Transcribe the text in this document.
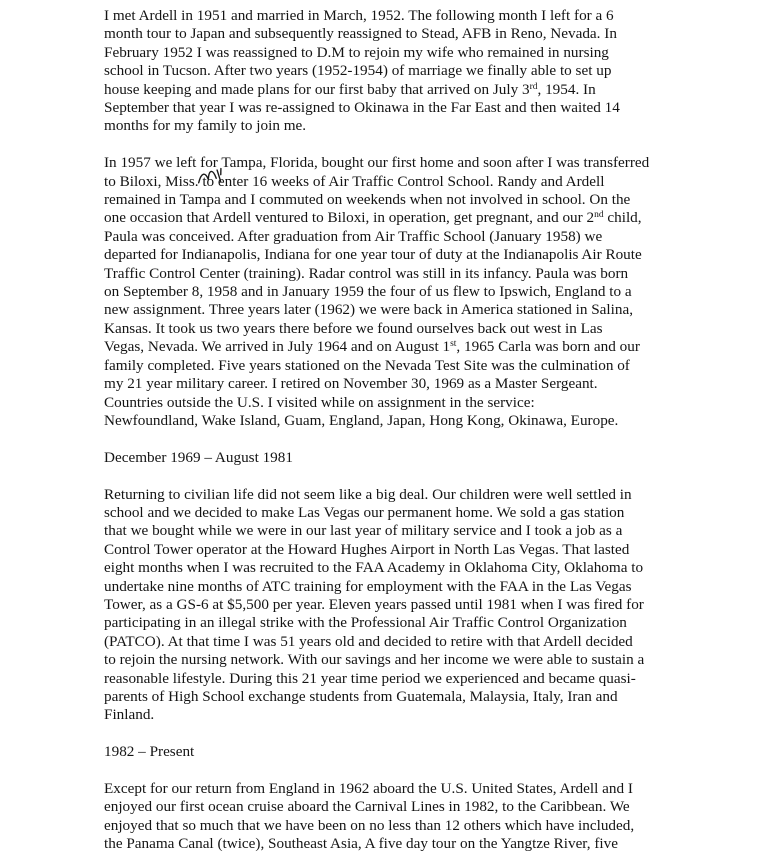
I met Ardell in 1951 and married in March, 1952. The following month I left for a 6
month tour to Japan and subsequently reassigned to Stead, AFB in Reno, Nevada. In
February 1952 I was reassigned to D.M to rejoin my wife who remained in nursing
school in Tucson. After two years (1952-1954) of marriage we finally able to set up
house keeping and made plans for our first baby that arrived on July 3rd, 1954. In
September that year I was re-assigned to Okinawa in the Far East and then waited 14
months for my family to join me.

In 1957 we left for Tampa, Florida, bought our first home and soon after I was transferred
to Biloxi, Miss. to enter 16 weeks of Air Traffic Control School. Randy and Ardell
remained in Tampa and I commuted on weekends when not involved in school. On the
one occasion that Ardell ventured to Biloxi, in operation, get pregnant, and our 2nd child,
Paula was conceived. After graduation from Air Traffic School (January 1958) we
departed for Indianapolis, Indiana for one year tour of duty at the Indianapolis Air Route
Traffic Control Center (training). Radar control was still in its infancy. Paula was born
on September 8, 1958 and in January 1959 the four of us flew to Ipswich, England to a
new assignment. Three years later (1962) we were back in America stationed in Salina,
Kansas. It took us two years there before we found ourselves back out west in Las
Vegas, Nevada. We arrived in July 1964 and on August 1st, 1965 Carla was born and our
family completed. Five years stationed on the Nevada Test Site was the culmination of
my 21 year military career. I retired on November 30, 1969 as a Master Sergeant.
Countries outside the U.S. I visited while on assignment in the service:
Newfoundland, Wake Island, Guam, England, Japan, Hong Kong, Okinawa, Europe.

December 1969 – August 1981

Returning to civilian life did not seem like a big deal. Our children were well settled in
school and we decided to make Las Vegas our permanent home. We sold a gas station
that we bought while we were in our last year of military service and I took a job as a
Control Tower operator at the Howard Hughes Airport in North Las Vegas. That lasted
eight months when I was recruited to the FAA Academy in Oklahoma City, Oklahoma to
undertake nine months of ATC training for employment with the FAA in the Las Vegas
Tower, as a GS-6 at $5,500 per year. Eleven years passed until 1981 when I was fired for
participating in an illegal strike with the Professional Air Traffic Control Organization
(PATCO). At that time I was 51 years old and decided to retire with that Ardell decided
to rejoin the nursing network. With our savings and her income we were able to sustain a
reasonable lifestyle. During this 21 year time period we experienced and became quasi-
parents of High School exchange students from Guatemala, Malaysia, Italy, Iran and
Finland.

1982 – Present

Except for our return from England in 1962 aboard the U.S. United States, Ardell and I
enjoyed our first ocean cruise aboard the Carnival Lines in 1982, to the Caribbean. We
enjoyed that so much that we have been on no less than 12 others which have included,
the Panama Canal (twice), Southeast Asia, A five day tour on the Yangtze River, five
